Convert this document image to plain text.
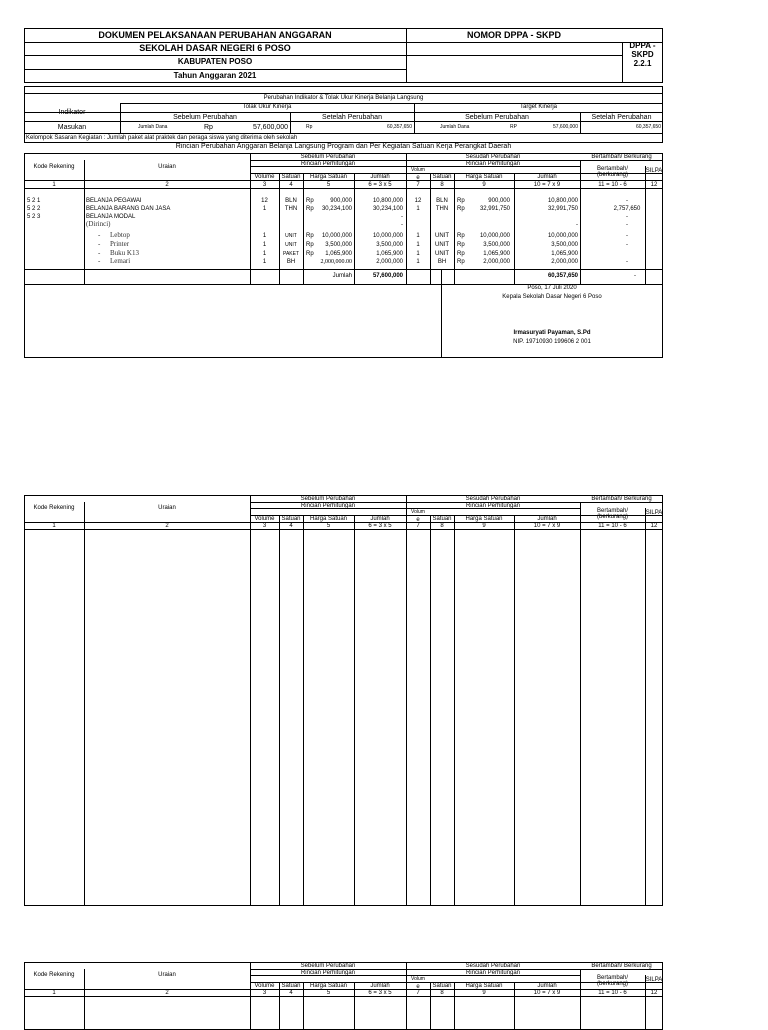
DOKUMEN PELAKSANAAN PERUBAHAN ANGGARAN
SEKOLAH DASAR NEGERI 6 POSO
KABUPATEN POSO
Tahun Anggaran 2021
NOMOR DPPA - SKPD
DPPA -
SKPD
2.2.1
Perubahan Indikator & Tolak Ukur Kinerja Belanja Langsung
Indikator
Tolak Ukur Kinerja	Target Kinerja
Sebelum Perubahan	Setelah Perubahan	Sebelum Perubahan	Setelah Perubahan
Masukan	Jumlah Dana	Rp	57,600,000	Rp	60,357,650	Jumlah Dana	RP	57,600,000	60,357,650
Kelompok Sasaran Kegiatan : Jumlah paket alat praktek dan peraga siswa yang diterima oleh sekolah
Rincian Perubahan Anggaran Belanja Langsung Program dan Per Kegiatan Satuan Kerja Perangkat Daerah
Kode Rekening	Uraian
Sebelum Perubahan	Sesudah Perubahan	Bertambah/ Berkurang
Rincian Perhitungan	Rincian Perhitungan
Bertambah/
(berkurang)
SILPA
Volume	Satuan	Harga Satuan	Jumlah
Volum
e	Satuan	Harga Satuan	Jumlah
1	2	3	4	5	6 = 3 x 5	7	8	9	10 = 7 x 9	11 = 10 - 6	12
5 2 1	BELANJA PEGAWAI	12	BLN	Rp	900,000	10,800,000	12	BLN	Rp	900,000	10,800,000	-
5 2 2	BELANJA BARANG DAN JASA	1	THN	Rp	30,234,100	30,234,100	1	THN	Rp	32,991,750	32,991,750	2,757,650
5 2 3	BELANJA MODAL	-	-
(Dirinci)	-	-	-
- Lebtop	1	UNIT	Rp	10,000,000	10,000,000	1	UNIT	Rp	10,000,000	10,000,000	-
- Printer	1	UNIT	Rp	3,500,000	3,500,000	1	UNIT	Rp	3,500,000	3,500,000	-
- Buku K13	1	PAKET	Rp	1,065,900	1,065,900	1	UNIT	Rp	1,065,900	1,065,900
- Lemari	1	BH	2,000,000.00	2,000,000	1	BH	Rp	2,000,000	2,000,000	-
Jumlah	57,600,000	60,357,650	-
Poso, 17 Juli 2020
Kepala Sekolah Dasar Negeri 6 Poso
Irmasuryati Payaman, S.Pd
NIP. 19710930 199606 2 001
Kode Rekening	Uraian
Sebelum Perubahan	Sesudah Perubahan	Bertambah/ Berkurang
Rincian Perhitungan	Rincian Perhitungan
Bertambah/
(berkurang)
SILPA
Volume	Satuan	Harga Satuan	Jumlah
Volum
e	Satuan	Harga Satuan	Jumlah
1	2	3	4	5	6 = 3 x 5	7	8	9	10 = 7 x 9	11 = 10 - 6	12
Kode Rekening	Uraian
Sebelum Perubahan	Sesudah Perubahan	Bertambah/ Berkurang
Rincian Perhitungan	Rincian Perhitungan
Bertambah/
(berkurang)
SILPA
Volume	Satuan	Harga Satuan	Jumlah
Volum
e	Satuan	Harga Satuan	Jumlah
1	2	3	4	5	6 = 3 x 5	7	8	9	10 = 7 x 9	11 = 10 - 6	12
